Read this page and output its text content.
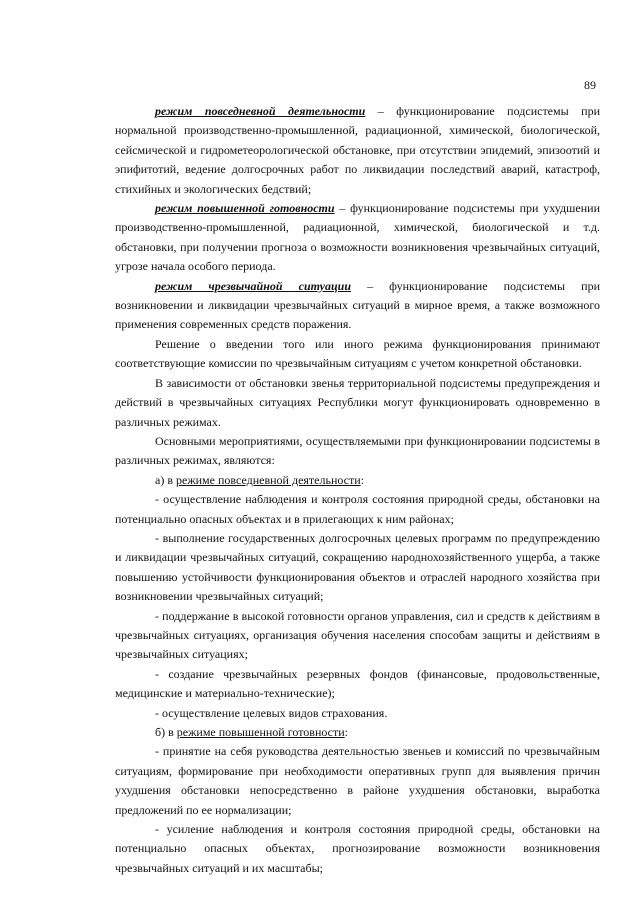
89

режим повседневной деятельности – функционирование подсистемы при нормальной производственно-промышленной, радиационной, химической, биологической, сейсмической и гидрометеорологической обстановке, при отсутствии эпидемий, эпизоотий и эпифитотий, ведение долгосрочных работ по ликвидации последствий аварий, катастроф, стихийных и экологических бедствий;

режим повышенной готовности – функционирование подсистемы при ухудшении производственно-промышленной, радиационной, химической, биологической и т.д. обстановки, при получении прогноза о возможности возникновения чрезвычайных ситуаций, угрозе начала особого периода.

режим чрезвычайной ситуации – функционирование подсистемы при возникновении и ликвидации чрезвычайных ситуаций в мирное время, а также возможного применения современных средств поражения.

Решение о введении того или иного режима функционирования принимают соответствующие комиссии по чрезвычайным ситуациям с учетом конкретной обстановки.

В зависимости от обстановки звенья территориальной подсистемы предупреждения и действий в чрезвычайных ситуациях Республики могут функционировать одновременно в различных режимах.

Основными мероприятиями, осуществляемыми при функционировании подсистемы в различных режимах, являются:

а) в режиме повседневной деятельности:

- осуществление наблюдения и контроля состояния природной среды, обстановки на потенциально опасных объектах и в прилегающих к ним районах;

- выполнение государственных долгосрочных целевых программ по предупреждению и ликвидации чрезвычайных ситуаций, сокращению народнохозяйственного ущерба, а также повышению устойчивости функционирования объектов и отраслей народного хозяйства при возникновении чрезвычайных ситуаций;

- поддержание в высокой готовности органов управления, сил и средств к действиям в чрезвычайных ситуациях, организация обучения населения способам защиты и действиям в чрезвычайных ситуациях;

- создание чрезвычайных резервных фондов (финансовые, продовольственные, медицинские и материально-технические);

- осуществление целевых видов страхования.

б) в режиме повышенной готовности:

- принятие на себя руководства деятельностью звеньев и комиссий по чрезвычайным ситуациям, формирование при необходимости оперативных групп для выявления причин ухудшения обстановки непосредственно в районе ухудшения обстановки, выработка предложений по ее нормализации;

- усиление наблюдения и контроля состояния природной среды, обстановки на потенциально опасных объектах, прогнозирование возможности возникновения чрезвычайных ситуаций и их масштабы;
